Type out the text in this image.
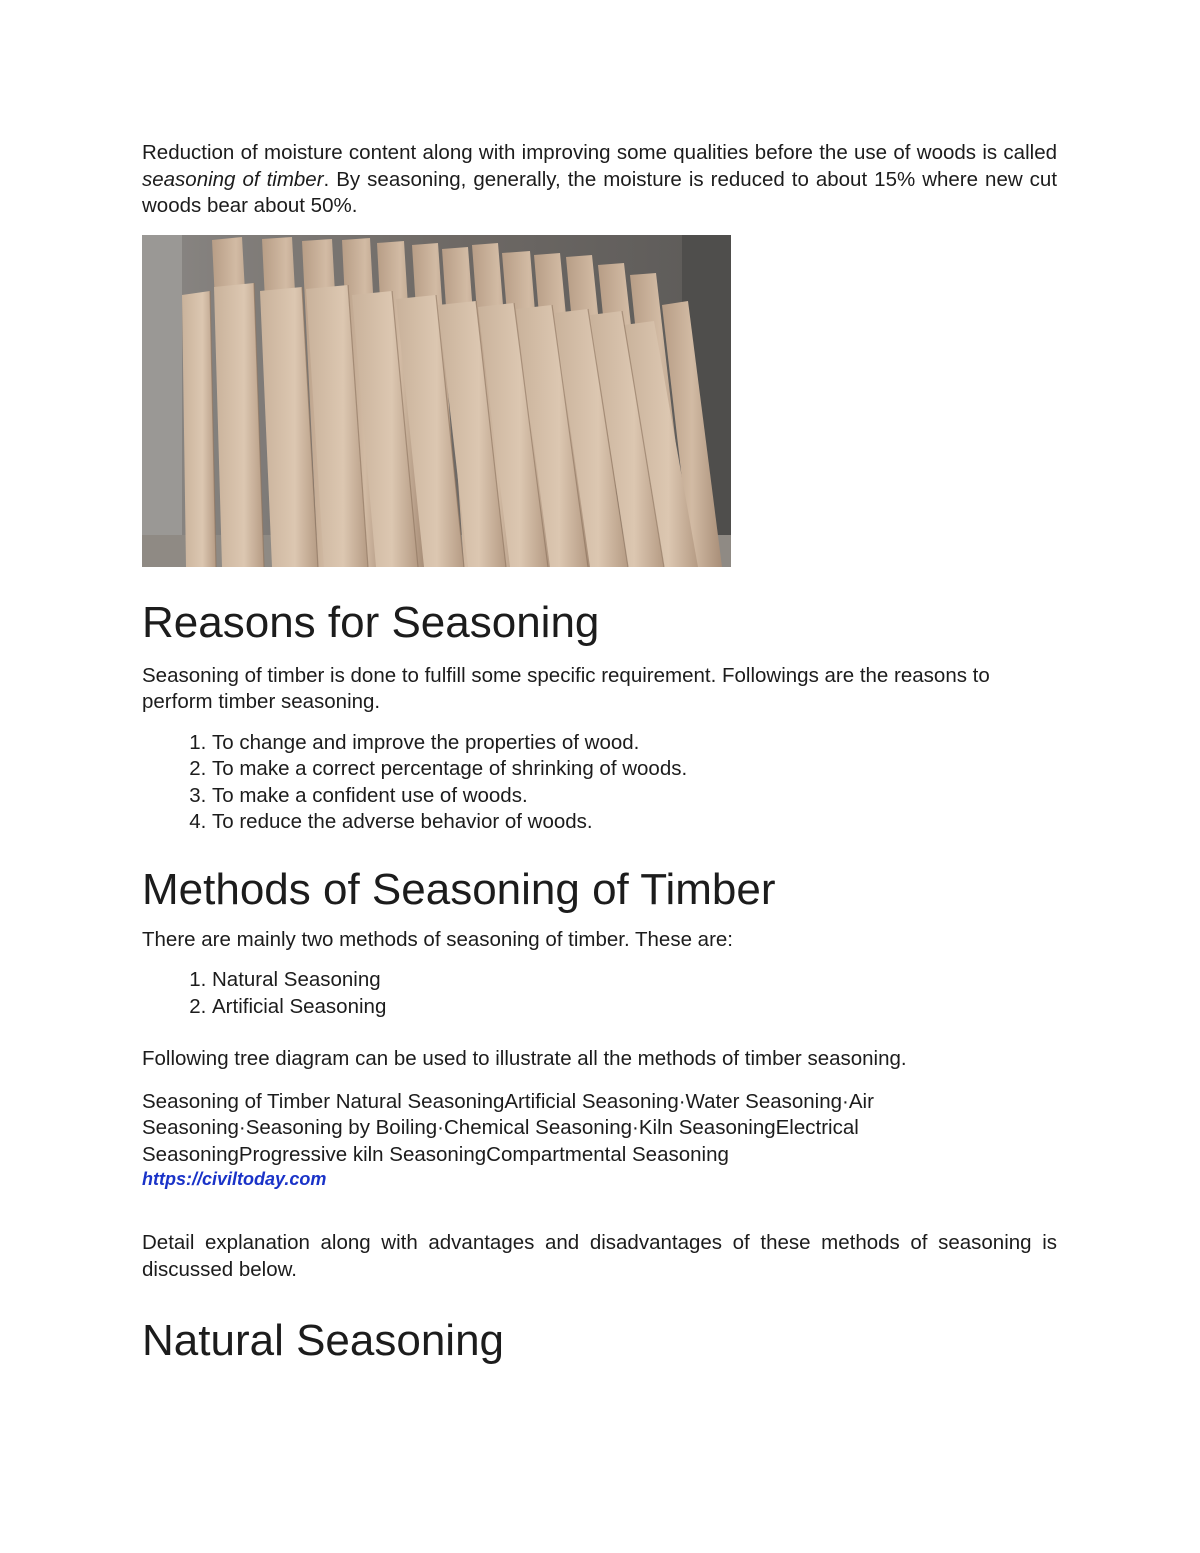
Reduction of moisture content along with improving some qualities before the use of woods is called seasoning of timber. By seasoning, generally, the moisture is reduced to about 15% where new cut woods bear about 50%.

Reasons for Seasoning

Seasoning of timber is done to fulfill some specific requirement. Followings are the reasons to perform timber seasoning.

1. To change and improve the properties of wood.
2. To make a correct percentage of shrinking of woods.
3. To make a confident use of woods.
4. To reduce the adverse behavior of woods.
Methods of Seasoning of Timber

There are mainly two methods of seasoning of timber. These are:

1. Natural Seasoning
2. Artificial Seasoning

Following tree diagram can be used to illustrate all the methods of timber seasoning.

Seasoning of Timber Natural SeasoningArtificial Seasoning·Water Seasoning·Air Seasoning·Seasoning by Boiling·Chemical Seasoning·Kiln SeasoningElectrical SeasoningProgressive kiln SeasoningCompartmental Seasoning

https://civiltoday.com

Detail explanation along with advantages and disadvantages of these methods of seasoning is discussed below.

Natural Seasoning
